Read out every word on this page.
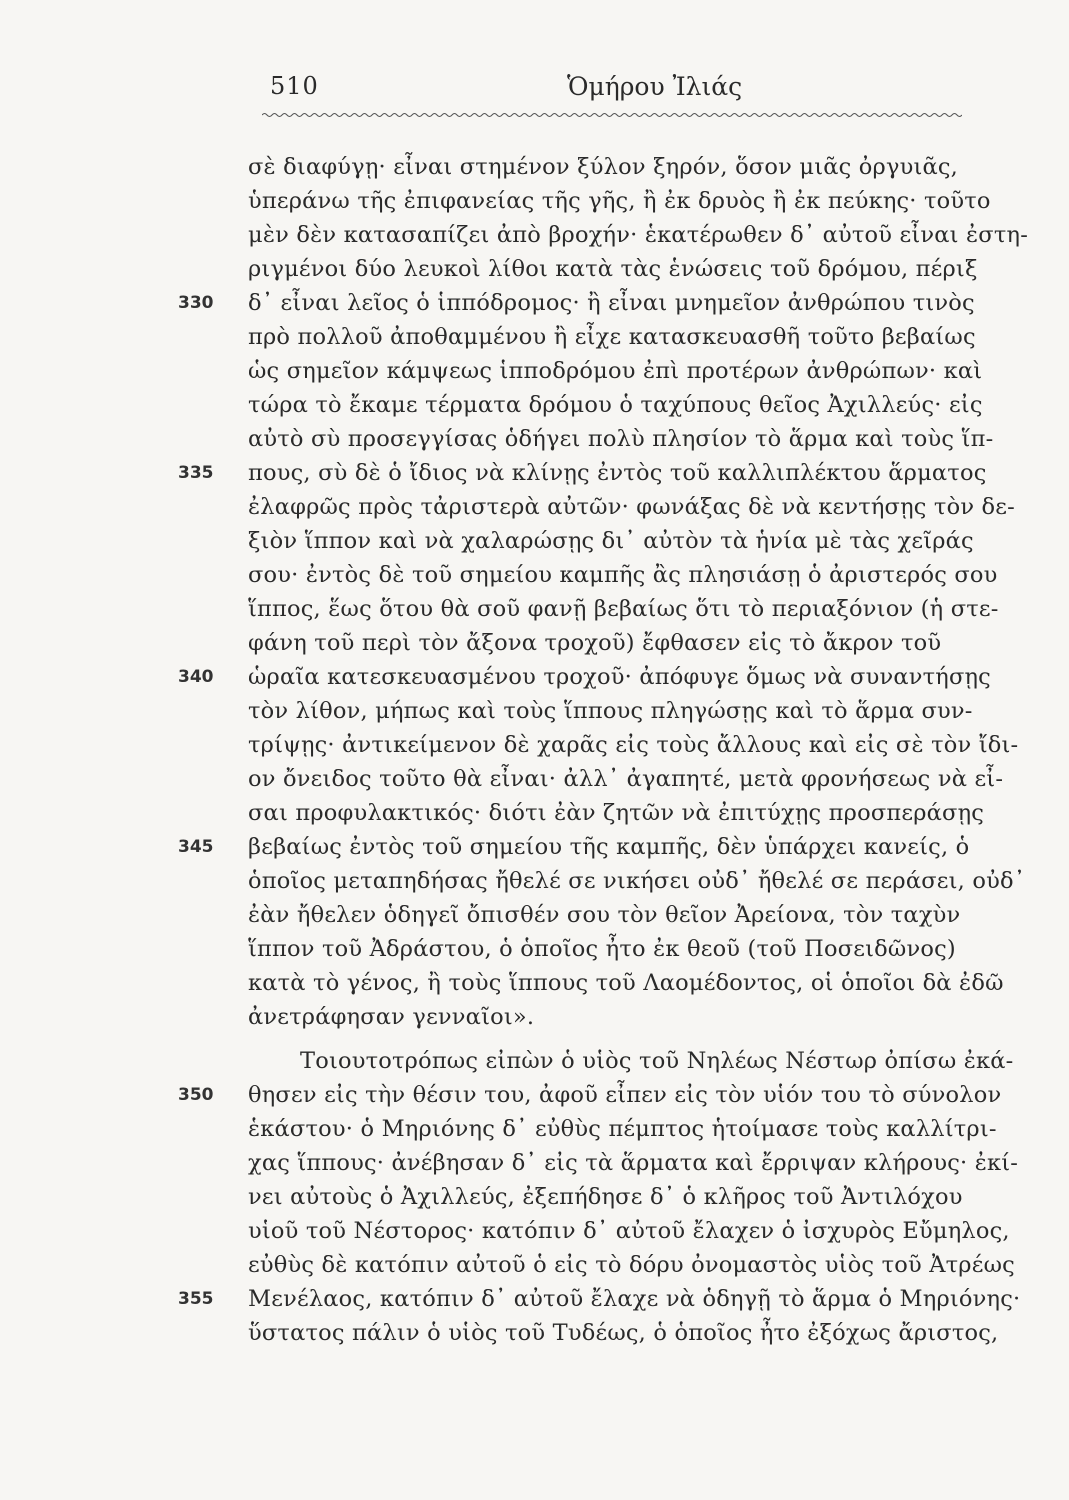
510	Ὁμήρου Ἰλιάς
σὲ διαφύγῃ· εἶναι στημένον ξύλον ξηρόν, ὅσον μιᾶς ὀργυιᾶς,
ὑπεράνω τῆς ἐπιφανείας τῆς γῆς, ἢ ἐκ δρυὸς ἢ ἐκ πεύκης· τοῦτο
μὲν δὲν κατασαπίζει ἀπὸ βροχήν· ἑκατέρωθεν δ᾽ αὐτοῦ εἶναι ἐστη-
ριγμένοι δύο λευκοὶ λίθοι κατὰ τὰς ἑνώσεις τοῦ δρόμου, πέριξ
δ᾽ εἶναι λεῖος ὁ ἱππόδρομος· ἢ εἶναι μνημεῖον ἀνθρώπου τινὸς
πρὸ πολλοῦ ἀποθαμμένου ἢ εἶχε κατασκευασθῆ τοῦτο βεβαίως
ὡς σημεῖον κάμψεως ἱπποδρόμου ἐπὶ προτέρων ἀνθρώπων· καὶ
τώρα τὸ ἔκαμε τέρματα δρόμου ὁ ταχύπους θεῖος Ἀχιλλεύς· εἰς
αὐτὸ σὺ προσεγγίσας ὁδήγει πολὺ πλησίον τὸ ἅρμα καὶ τοὺς ἵπ-
πους, σὺ δὲ ὁ ἴδιος νὰ κλίνῃς ἐντὸς τοῦ καλλιπλέκτου ἅρματος
ἐλαφρῶς πρὸς τἀριστερὰ αὐτῶν· φωνάξας δὲ νὰ κεντήσῃς τὸν δε-
ξιὸν ἵππον καὶ νὰ χαλαρώσῃς δι᾽ αὐτὸν τὰ ἡνία μὲ τὰς χεῖράς
σου· ἐντὸς δὲ τοῦ σημείου καμπῆς ἂς πλησιάσῃ ὁ ἀριστερός σου
ἵππος, ἕως ὅτου θὰ σοῦ φανῇ βεβαίως ὅτι τὸ περιαξόνιον (ἡ στε-
φάνη τοῦ περὶ τὸν ἄξονα τροχοῦ) ἔφθασεν εἰς τὸ ἄκρον τοῦ
ὡραῖα κατεσκευασμένου τροχοῦ· ἀπόφυγε ὅμως νὰ συναντήσῃς
τὸν λίθον, μήπως καὶ τοὺς ἵππους πληγώσῃς καὶ τὸ ἅρμα συν-
τρίψῃς· ἀντικείμενον δὲ χαρᾶς εἰς τοὺς ἄλλους καὶ εἰς σὲ τὸν ἴδι-
ον ὄνειδος τοῦτο θὰ εἶναι· ἀλλ᾽ ἀγαπητέ, μετὰ φρονήσεως νὰ εἶ-
σαι προφυλακτικός· διότι ἐὰν ζητῶν νὰ ἐπιτύχῃς προσπεράσῃς
βεβαίως ἐντὸς τοῦ σημείου τῆς καμπῆς, δὲν ὑπάρχει κανείς, ὁ
ὁποῖος μεταπηδήσας ἤθελέ σε νικήσει οὐδ᾽ ἤθελέ σε περάσει, οὐδ᾽
ἐὰν ἤθελεν ὁδηγεῖ ὄπισθέν σου τὸν θεῖον Ἀρείονα, τὸν ταχὺν
ἵππον τοῦ Ἀδράστου, ὁ ὁποῖος ἦτο ἐκ θεοῦ (τοῦ Ποσειδῶνος)
κατὰ τὸ γένος, ἢ τοὺς ἵππους τοῦ Λαομέδοντος, οἱ ὁποῖοι δὰ ἐδῶ
ἀνετράφησαν γενναῖοι».
Τοιουτοτρόπως εἰπὼν ὁ υἱὸς τοῦ Νηλέως Νέστωρ ὀπίσω ἐκά-
θησεν εἰς τὴν θέσιν του, ἀφοῦ εἶπεν εἰς τὸν υἱόν του τὸ σύνολον
ἑκάστου· ὁ Μηριόνης δ᾽ εὐθὺς πέμπτος ἡτοίμασε τοὺς καλλίτρι-
χας ἵππους· ἀνέβησαν δ᾽ εἰς τὰ ἅρματα καὶ ἔρριψαν κλήρους· ἐκί-
νει αὐτοὺς ὁ Ἀχιλλεύς, ἐξεπήδησε δ᾽ ὁ κλῆρος τοῦ Ἀντιλόχου
υἱοῦ τοῦ Νέστορος· κατόπιν δ᾽ αὐτοῦ ἔλαχεν ὁ ἰσχυρὸς Εὔμηλος,
εὐθὺς δὲ κατόπιν αὐτοῦ ὁ εἰς τὸ δόρυ ὀνομαστὸς υἱὸς τοῦ Ἀτρέως
Μενέλαος, κατόπιν δ᾽ αὐτοῦ ἔλαχε νὰ ὁδηγῇ τὸ ἅρμα ὁ Μηριόνης·
ὕστατος πάλιν ὁ υἱὸς τοῦ Τυδέως, ὁ ὁποῖος ἦτο ἐξόχως ἄριστος,
330
335
340
345
350
355
